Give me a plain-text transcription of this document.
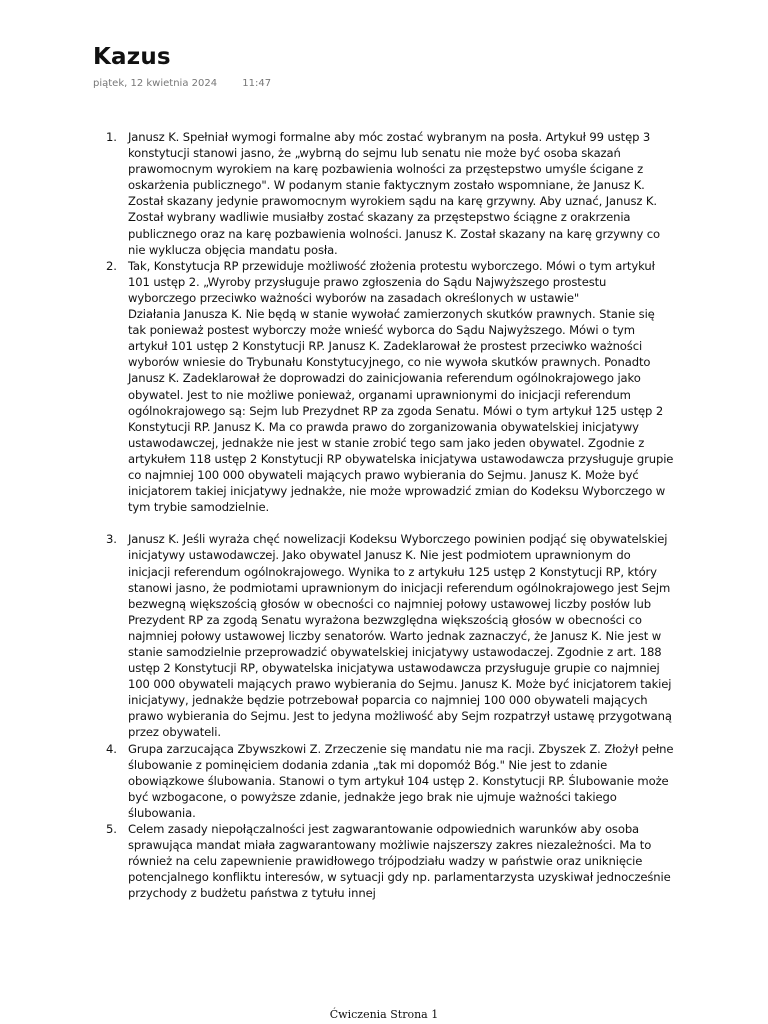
Kazus
piątek, 12 kwietnia 2024	11:47
1. Janusz K. Spełniał wymogi formalne aby móc zostać wybranym na posła. Artykuł 99 ustęp 3 konstytucji stanowi jasno, że „wybrną do sejmu lub senatu nie może być osoba skazań prawomocnym wyrokiem na karę pozbawienia wolności za przęstepstwo umyśle ścigane z oskarżenia publicznego". W podanym stanie faktycznym zostało wspomniane, że Janusz K. Został skazany jedynie prawomocnym wyrokiem sądu na karę grzywny. Aby uznać, Janusz K. Został wybrany wadliwie musiałby zostać skazany za przęstepstwo ściągne z orakrzenia publicznego oraz na karę pozbawienia wolności. Janusz K. Został skazany na karę grzywny co nie wyklucza objęcia mandatu posła.
2. Tak, Konstytucja RP przewiduje możliwość złożenia protestu wyborczego. Mówi o tym artykuł 101 ustęp 2. „Wyroby przysługuje prawo zgłoszenia do Sądu Najwyższego prostestu wyborczego przeciwko ważności wyborów na zasadach określonych w ustawie"
Działania Janusza K. Nie będą w stanie wywołać zamierzonych skutków prawnych. Stanie się tak ponieważ postest wyborczy może wnieść wyborca do Sądu Najwyższego. Mówi o tym artykuł 101 ustęp 2 Konstytucji RP. Janusz K. Zadeklarował że prostest przeciwko ważności wyborów wniesie do Trybunału Konstytucyjnego, co nie wywoła skutków prawnych. Ponadto Janusz K. Zadeklarował że doprowadzi do zainicjowania referendum ogólnokrajowego jako obywatel. Jest to nie możliwe ponieważ, organami uprawnionymi do inicjacji referendum ogólnokrajowego są: Sejm lub Prezydnet RP za zgoda Senatu. Mówi o tym artykuł 125 ustęp 2 Konstytucji RP. Janusz K. Ma co prawda prawo do zorganizowania obywatelskiej inicjatywy ustawodawczej, jednakże nie jest w stanie zrobić tego sam jako jeden obywatel. Zgodnie z artykułem 118 ustęp 2 Konstytucji RP obywatelska inicjatywa ustawodawcza przysługuje grupie co najmniej 100 000 obywateli mających prawo wybierania do Sejmu. Janusz K. Może być inicjatorem takiej inicjatywy jednakże, nie może wprowadzić zmian do Kodeksu Wyborczego w tym trybie samodzielnie.
3. Janusz K. Jeśli wyraża chęć nowelizacji Kodeksu Wyborczego powinien podjąć się obywatelskiej inicjatywy ustawodawczej. Jako obywatel Janusz K. Nie jest podmiotem uprawnionym do inicjacji referendum ogólnokrajowego. Wynika to z artykułu 125 ustęp 2 Konstytucji RP, który stanowi jasno, że podmiotami uprawnionym do inicjacji referendum ogólnokrajowego jest Sejm bezwegną większością głosów w obecności co najmniej połowy ustawowej liczby posłów lub Prezydent RP za zgodą Senatu wyrażona bezwzględna większością głosów w obecności co najmniej połowy ustawowej liczby senatorów. Warto jednak zaznaczyć, że Janusz K. Nie jest w stanie samodzielnie przeprowadzić obywatelskiej inicjatywy ustawodaczej. Zgodnie z art. 188 ustęp 2 Konstytucji RP, obywatelska inicjatywa ustawodawcza przysługuje grupie co najmniej 100 000 obywateli mających prawo wybierania do Sejmu. Janusz K. Może być inicjatorem takiej inicjatywy, jednakże będzie potrzebował poparcia co najmniej 100 000 obywateli mających prawo wybierania do Sejmu. Jest to jedyna możliwość aby Sejm rozpatrzył ustawę przygotwaną przez obywateli.
4. Grupa zarzucająca Zbywszkowi Z. Zrzeczenie się mandatu nie ma racji. Zbyszek Z. Złożył pełne ślubowanie z pominęiciem dodania zdania „tak mi dopomóż Bóg." Nie jest to zdanie obowiązkowe ślubowania. Stanowi o tym artykuł 104 ustęp 2. Konstytucji RP. Ślubowanie może być wzbogacone, o powyższe zdanie, jednakże jego brak nie ujmuje ważności takiego ślubowania.
5. Celem zasady niepołączalności jest zagwarantowanie odpowiednich warunków aby osoba sprawująca mandat miała zagwarantowany możliwie najszerszy zakres niezależności. Ma to również na celu zapewnienie prawidłowego trójpodziału wadzy w państwie oraz uniknięcie potencjalnego konfliktu interesów, w sytuacji gdy np. parlamentarzysta uzyskiwał jednocześnie przychody z budżetu państwa z tytułu innej
Ćwiczenia Strona 1
